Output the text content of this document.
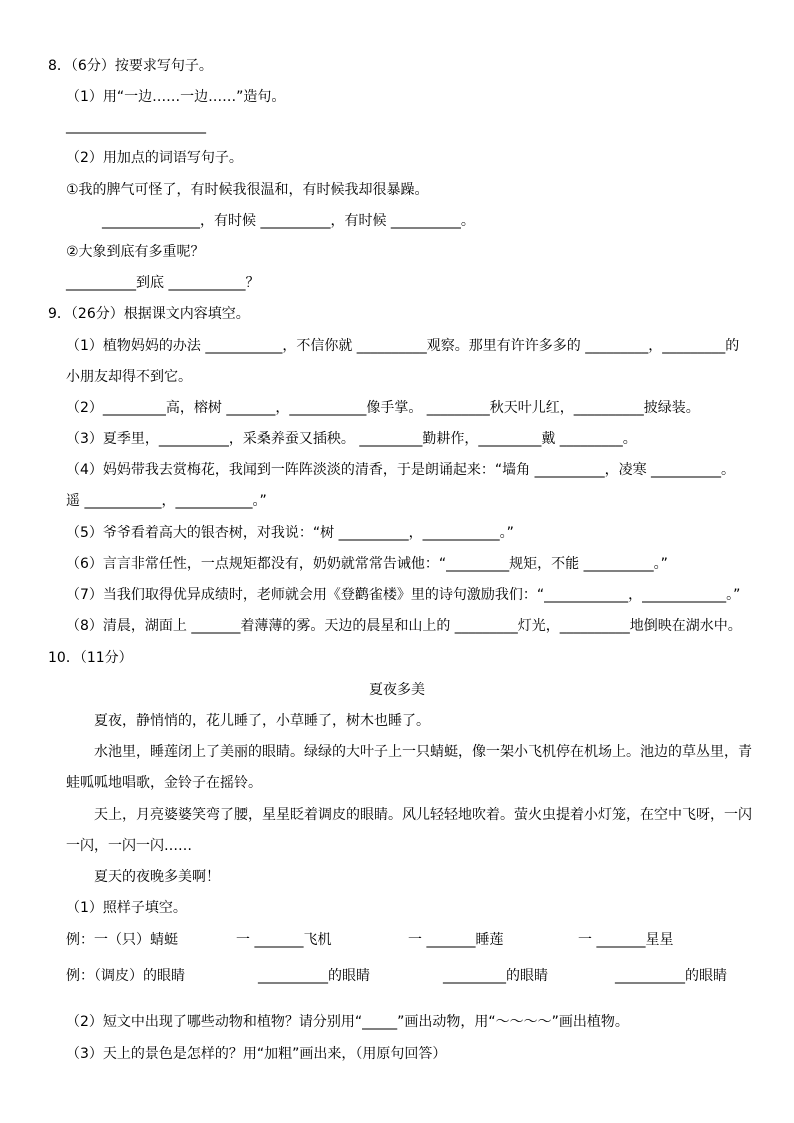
8．（6分）按要求写句子。
（1）用“一边……一边……”造句。
____________________
（2）用加点的词语写句子。
①我的脾气可怪了，有时候我很温和，有时候我却很暴躁。
______________，有时候 __________，有时候 __________。
②大象到底有多重呢？
__________到底 ___________？
9．（26分）根据课文内容填空。
（1）植物妈妈的办法 ___________，不信你就 __________观察。那里有许许多多的 _________，_________的
小朋友却得不到它。
（2）_________高，榕树 _______，___________像手掌。 _________秋天叶儿红，__________披绿装。
（3）夏季里，__________，采桑养蚕又插秧。 _________勤耕作，_________戴 _________。
（4）妈妈带我去赏梅花，我闻到一阵阵淡淡的清香，于是朗诵起来：“墙角 __________，凌寒 __________。
遥 ___________，___________。”
（5）爷爷看着高大的银杏树，对我说：“树 __________，___________。”
（6）言言非常任性，一点规矩都没有，奶奶就常常告诫他：“_________规矩，不能 __________。”
（7）当我们取得优异成绩时，老师就会用《登鹳雀楼》里的诗句激励我们：“____________，____________。”
（8）清晨，湖面上 _______着薄薄的雾。天边的晨星和山上的 _________灯光，__________地倒映在湖水中。
10．（11分）
夏夜多美
夏夜，静悄悄的，花儿睡了，小草睡了，树木也睡了。
水池里，睡莲闭上了美丽的眼睛。绿绿的大叶子上一只蜻蜓，像一架小飞机停在机场上。池边的草丛里，青
蛙呱呱地唱歌，金铃子在摇铃。
天上，月亮婆婆笑弯了腰，星星眨着调皮的眼睛。风儿轻轻地吹着。萤火虫提着小灯笼，在空中飞呀，一闪
一闪，一闪一闪……
夏天的夜晚多美啊！
（1）照样子填空。
例：一（只）蜻蜓	一 _______飞机	一 _______睡莲	一 _______星星
例：（调皮）的眼睛	__________的眼睛	_________的眼睛	__________的眼睛
（2）短文中出现了哪些动物和植物？请分别用“_____”画出动物，用“～～～～”画出植物。
（3）天上的景色是怎样的？用“加粗”画出来，（用原句回答）
